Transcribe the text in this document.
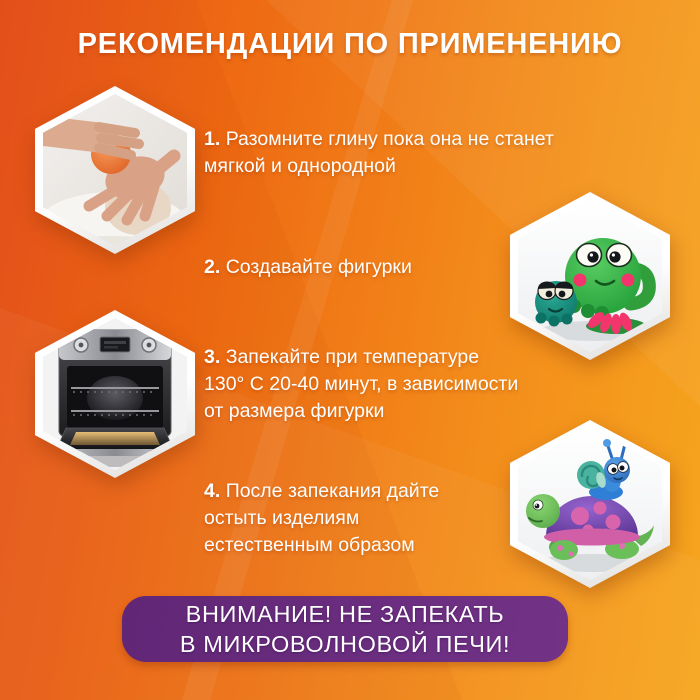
РЕКОМЕНДАЦИИ ПО ПРИМЕНЕНИЮ
1. Разомните глину пока она не станет
мягкой и однородной
2. Создавайте фигурки
3. Запекайте при температуре
130° C 20-40 минут, в зависимости
от размера фигурки
4. После запекания дайте
остыть изделиям
естественным образом
ВНИМАНИЕ! НЕ ЗАПЕКАТЬ
В МИКРОВОЛНОВОЙ ПЕЧИ!
